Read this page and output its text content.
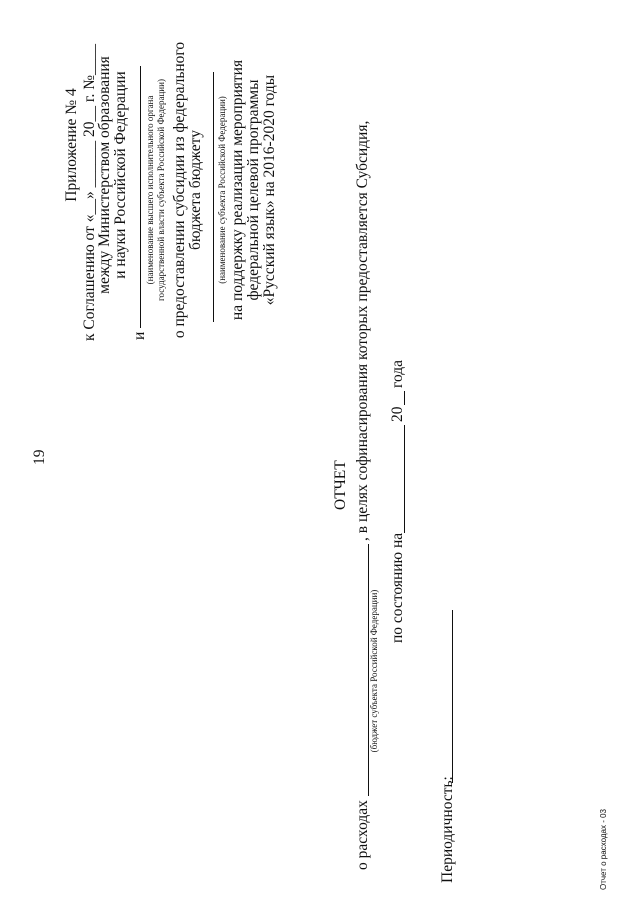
19
Приложение № 4 к Соглашению от «__» ______ 20__ г. №____
между Министерством образования и науки Российской Федерации
и
(наименование высшего исполнительного органа государственной власти субъекта Российской Федерации) о предоставлении субсидии из федерального бюджета бюджету (наименование субъекта Российской Федерации) на поддержку реализации мероприятия федеральной целевой программы «Русский язык» на 2016-2020 годы
ОТЧЕТ
о расходах
, в целях софинасирования которых предоставляется Субсидия,
(бюджет субъекта Российской Федерации)
по состоянию на
20
года
Периодичность:	Отчет о расходах - 03
